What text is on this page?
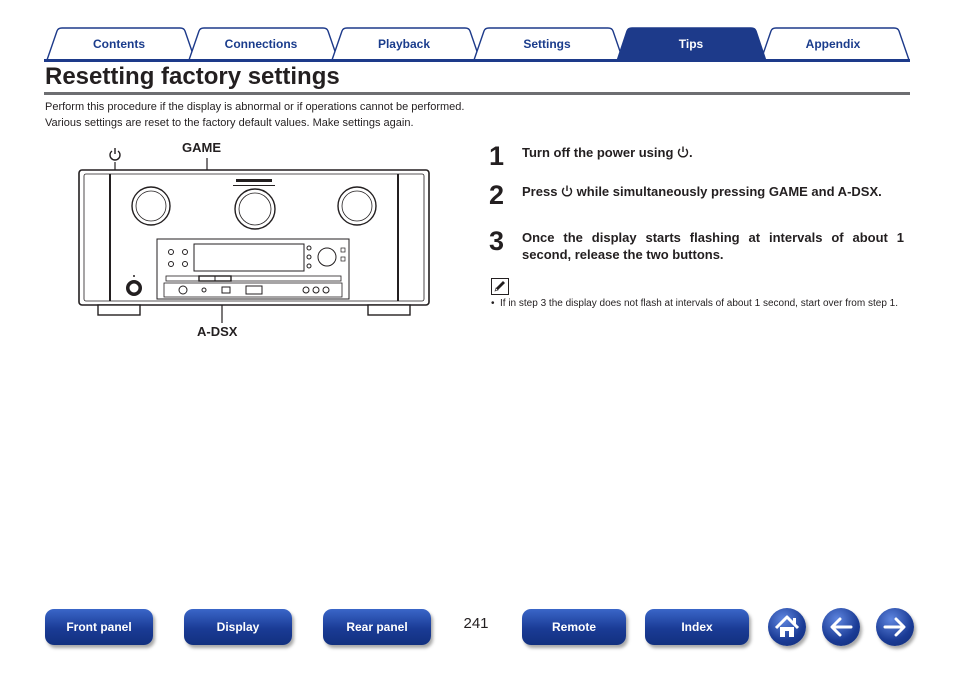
Contents	Connections	Playback	Settings	Tips	Appendix
Resetting factory settings
Perform this procedure if the display is abnormal or if operations cannot be performed.
Various settings are reset to the factory default values. Make settings again.
GAME
A-DSX
1 Turn off the power using .
2 Press  while simultaneously pressing GAME and A-DSX.
3 Once the display starts flashing at intervals of about 1 second, release the two buttons.
• If in step 3 the display does not flash at intervals of about 1 second, start over from step 1.
Front panel	Display	Rear panel	241	Remote	Index
